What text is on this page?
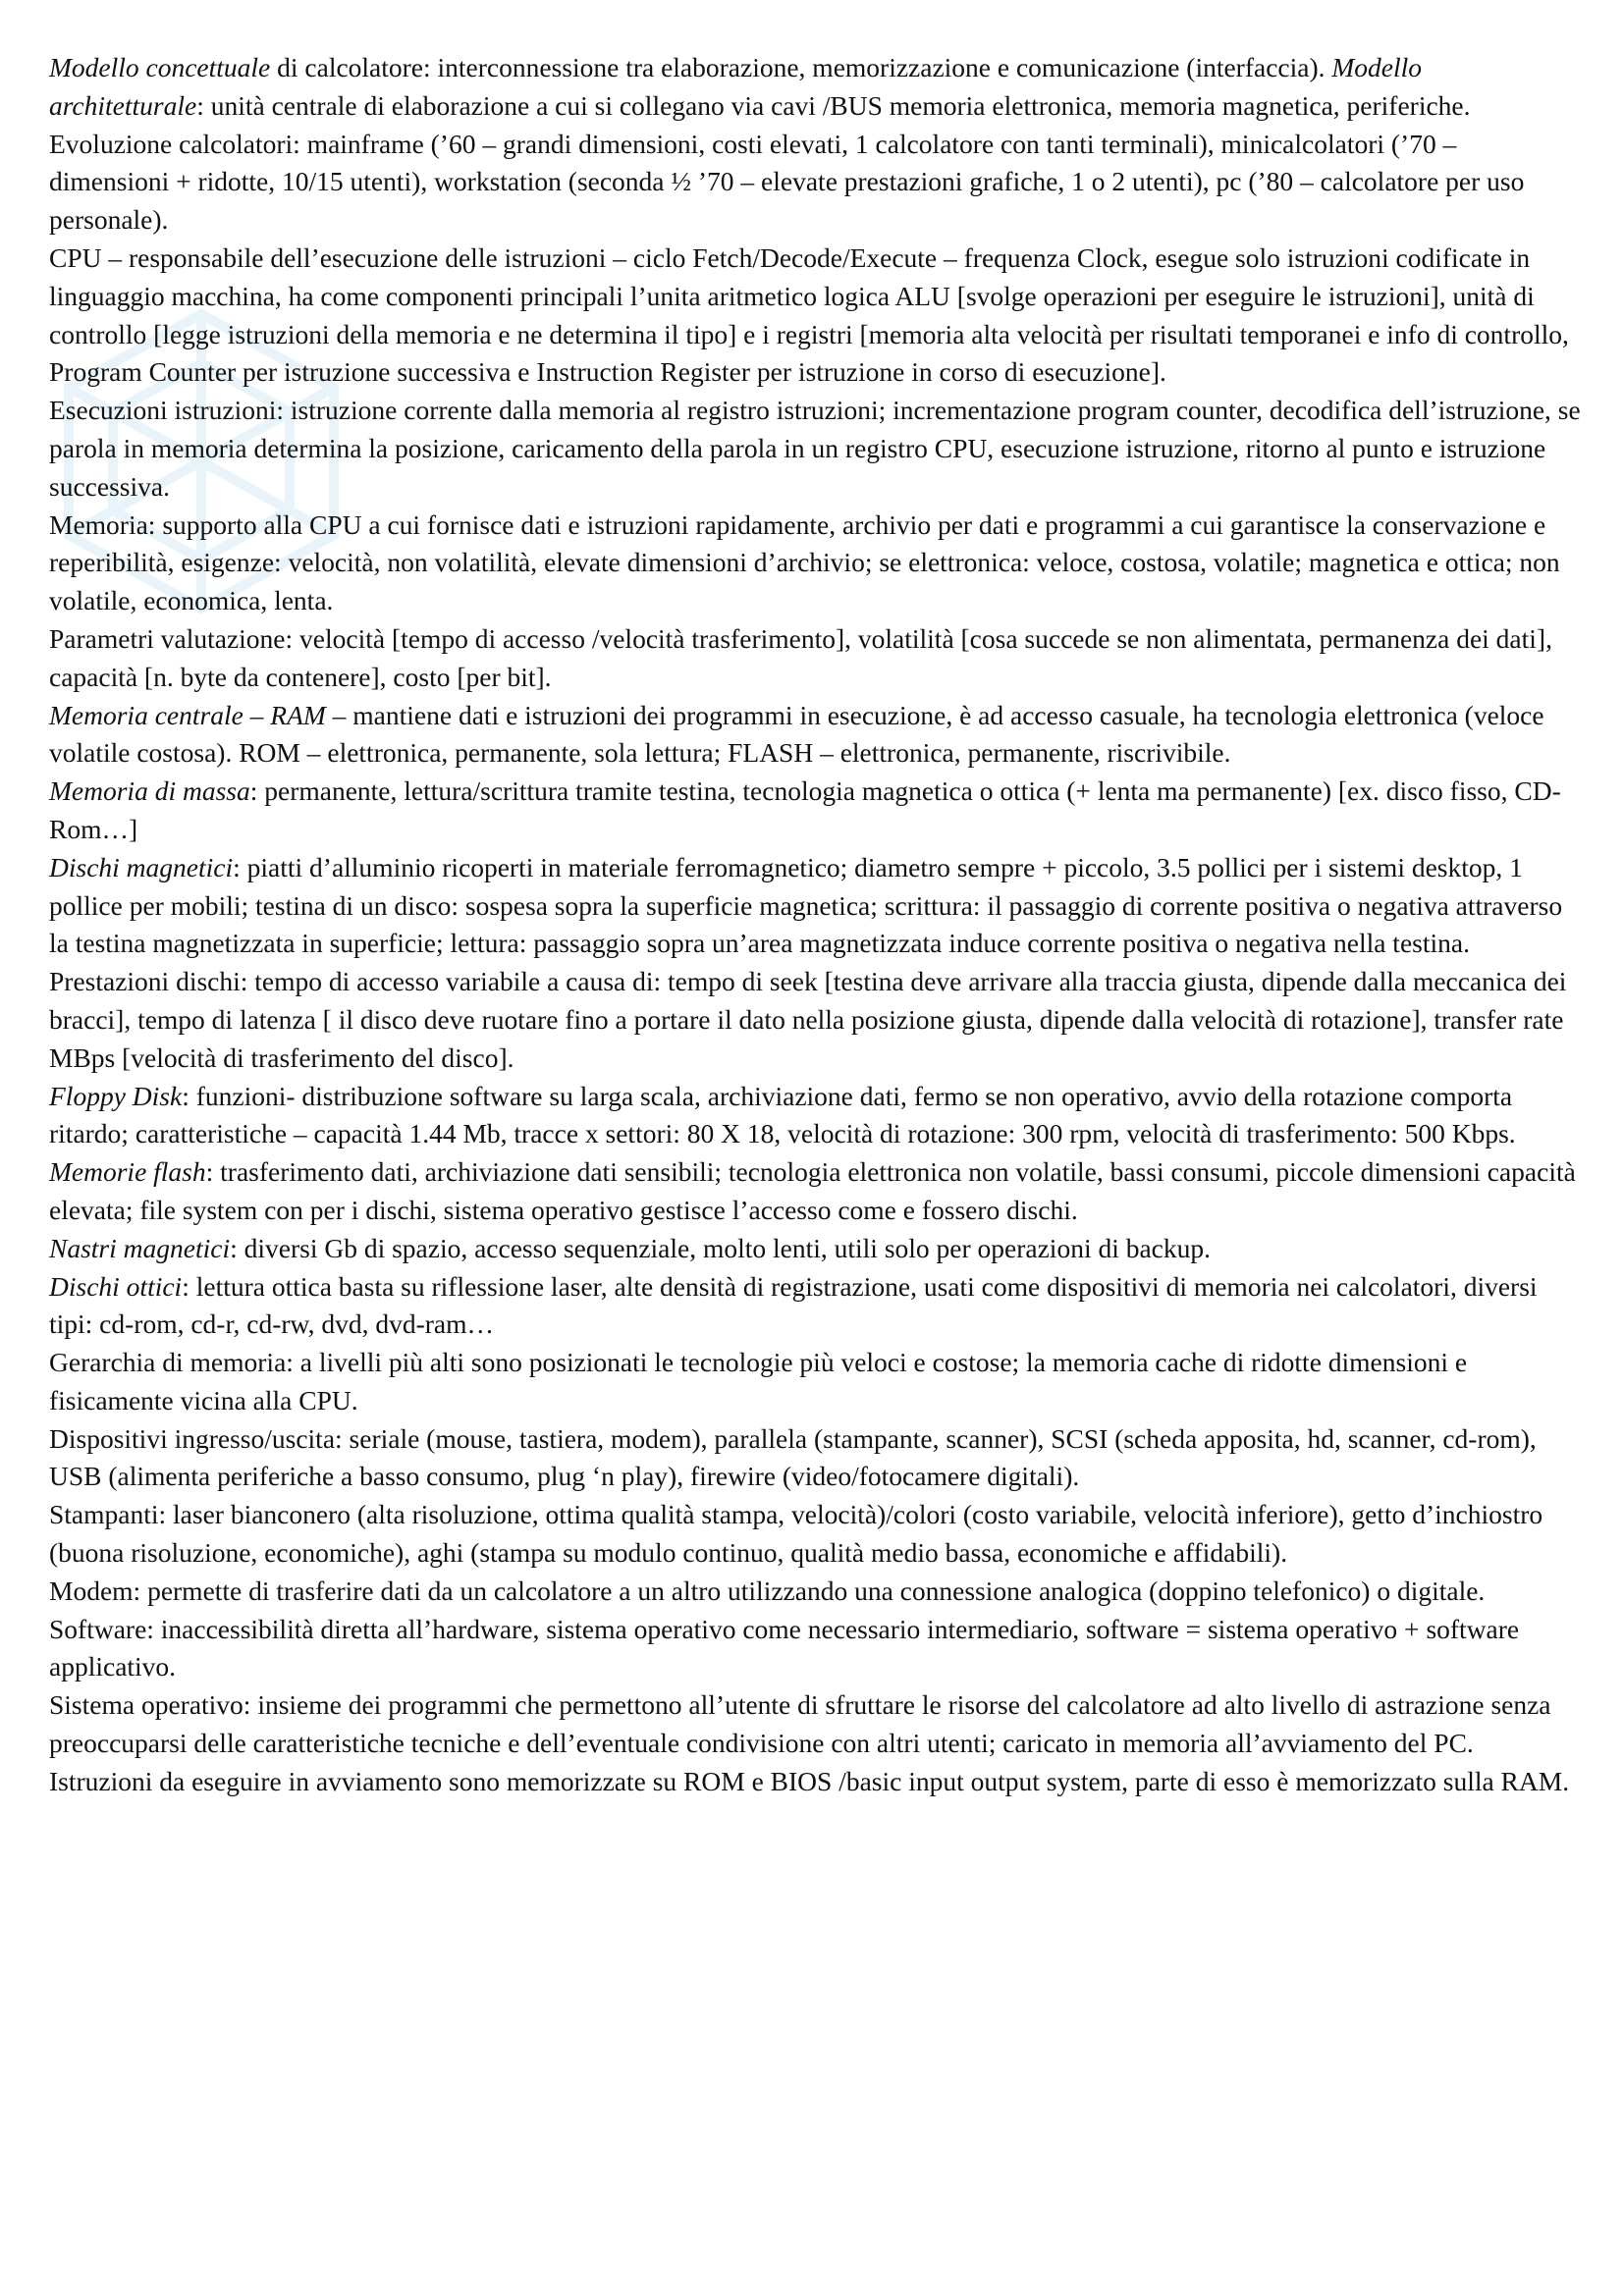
Modello concettuale di calcolatore: interconnessione tra elaborazione, memorizzazione e comunicazione (interfaccia). Modello architetturale: unità centrale di elaborazione a cui si collegano via cavi /BUS memoria elettronica, memoria magnetica, periferiche.

Evoluzione calcolatori: mainframe (’60 – grandi dimensioni, costi elevati, 1 calcolatore con tanti terminali), minicalcolatori (’70 – dimensioni + ridotte, 10/15 utenti), workstation (seconda ½ ’70 – elevate prestazioni grafiche, 1 o 2 utenti), pc (’80 – calcolatore per uso personale).

CPU – responsabile dell’esecuzione delle istruzioni – ciclo Fetch/Decode/Execute – frequenza Clock, esegue solo istruzioni codificate in linguaggio macchina, ha come componenti principali l’unita aritmetico logica ALU [svolge operazioni per eseguire le istruzioni], unità di controllo [legge istruzioni della memoria e ne determina il tipo] e i registri [memoria alta velocità per risultati temporanei e info di controllo, Program Counter per istruzione successiva e Instruction Register per istruzione in corso di esecuzione].

Esecuzioni istruzioni: istruzione corrente dalla memoria al registro istruzioni; incrementazione program counter, decodifica dell’istruzione, se parola in memoria determina la posizione, caricamento della parola in un registro CPU, esecuzione istruzione, ritorno al punto e istruzione successiva.

Memoria: supporto alla CPU a cui fornisce dati e istruzioni rapidamente, archivio per dati e programmi a cui garantisce la conservazione e reperibilità, esigenze: velocità, non volatilità, elevate dimensioni d’archivio; se elettronica: veloce, costosa, volatile; magnetica e ottica; non volatile, economica, lenta.

Parametri valutazione: velocità [tempo di accesso /velocità trasferimento], volatilità [cosa succede se non alimentata, permanenza dei dati], capacità [n. byte da contenere], costo [per bit].

Memoria centrale – RAM – mantiene dati e istruzioni dei programmi in esecuzione, è ad accesso casuale, ha tecnologia elettronica (veloce volatile costosa). ROM – elettronica, permanente, sola lettura; FLASH – elettronica, permanente, riscrivibile.

Memoria di massa: permanente, lettura/scrittura tramite testina, tecnologia magnetica o ottica (+ lenta ma permanente) [ex. disco fisso, CD-Rom…]

Dischi magnetici: piatti d’alluminio ricoperti in materiale ferromagnetico; diametro sempre + piccolo, 3.5 pollici per i sistemi desktop, 1 pollice per mobili; testina di un disco: sospesa sopra la superficie magnetica; scrittura: il passaggio di corrente positiva o negativa attraverso la testina magnetizzata in superficie; lettura: passaggio sopra un’area magnetizzata induce corrente positiva o negativa nella testina.

Prestazioni dischi: tempo di accesso variabile a causa di: tempo di seek [testina deve arrivare alla traccia giusta, dipende dalla meccanica dei bracci], tempo di latenza [ il disco deve ruotare fino a portare il dato nella posizione giusta, dipende dalla velocità di rotazione], transfer rate MBps [velocità di trasferimento del disco].

Floppy Disk: funzioni- distribuzione software su larga scala, archiviazione dati, fermo se non operativo, avvio della rotazione comporta ritardo; caratteristiche – capacità 1.44 Mb, tracce x settori: 80 X 18, velocità di rotazione: 300 rpm, velocità di trasferimento: 500 Kbps.

Memorie flash: trasferimento dati, archiviazione dati sensibili; tecnologia elettronica non volatile, bassi consumi, piccole dimensioni capacità elevata; file system con per i dischi, sistema operativo gestisce l’accesso come e fossero dischi.

Nastri magnetici: diversi Gb di spazio, accesso sequenziale, molto lenti, utili solo per operazioni di backup.

Dischi ottici: lettura ottica basta su riflessione laser, alte densità di registrazione, usati come dispositivi di memoria nei calcolatori, diversi tipi: cd-rom, cd-r, cd-rw, dvd, dvd-ram…

Gerarchia di memoria: a livelli più alti sono posizionati le tecnologie più veloci e costose; la memoria cache di ridotte dimensioni e fisicamente vicina alla CPU.

Dispositivi ingresso/uscita: seriale (mouse, tastiera, modem), parallela (stampante, scanner), SCSI (scheda apposita, hd, scanner, cd-rom), USB (alimenta periferiche a basso consumo, plug ‘n play), firewire (video/fotocamere digitali).

Stampanti: laser bianconero (alta risoluzione, ottima qualità stampa, velocità)/colori (costo variabile, velocità inferiore), getto d’inchiostro (buona risoluzione, economiche), aghi (stampa su modulo continuo, qualità medio bassa, economiche e affidabili).

Modem: permette di trasferire dati da un calcolatore a un altro utilizzando una connessione analogica (doppino telefonico) o digitale.

Software: inaccessibilità diretta all’hardware, sistema operativo come necessario intermediario, software = sistema operativo + software applicativo.

Sistema operativo: insieme dei programmi che permettono all’utente di sfruttare le risorse del calcolatore ad alto livello di astrazione senza preoccuparsi delle caratteristiche tecniche e dell’eventuale condivisione con altri utenti; caricato in memoria all’avviamento del PC.

Istruzioni da eseguire in avviamento sono memorizzate su ROM e BIOS /basic input output system, parte di esso è memorizzato sulla RAM.
